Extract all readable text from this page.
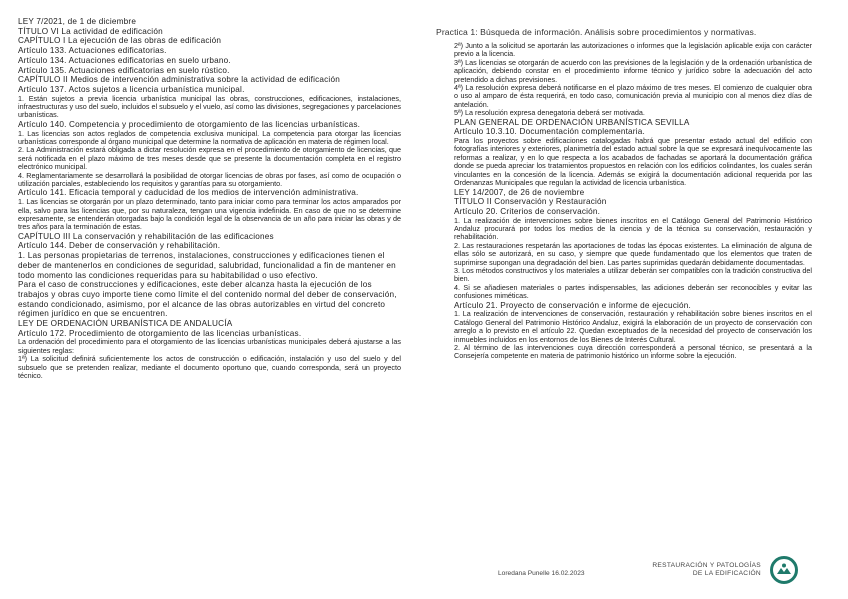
LEY 7/2021, de 1 de diciembre

TÍTULO VI La actividad de edificación

CAPÍTULO I La ejecución de las obras de edificación

Artículo 133. Actuaciones edificatorias.

Artículo 134. Actuaciones edificatorias en suelo urbano.

Artículo 135. Actuaciones edificatorias en suelo rústico.

CAPÍTULO II Medios de intervención administrativa sobre la actividad de edificación

Artículo 137. Actos sujetos a licencia urbanística municipal.

1. Están sujetos a previa licencia urbanística municipal las obras, construcciones, edificaciones, instalaciones, infraestructuras y uso del suelo, incluidos el subsuelo y el vuelo, así como las divisiones, segregaciones y parcelaciones urbanísticas.

Artículo 140. Competencia y procedimiento de otorgamiento de las licencias urbanísticas.

1. Las licencias son actos reglados de competencia exclusiva municipal. La competencia para otorgar las licencias urbanísticas corresponde al órgano municipal que determine la normativa de aplicación en materia de régimen local.

2. La Administración estará obligada a dictar resolución expresa en el procedimiento de otorgamiento de licencias, que será notificada en el plazo máximo de tres meses desde que se presente la documentación completa en el registro electrónico municipal.

4. Reglamentariamente se desarrollará la posibilidad de otorgar licencias de obras por fases, así como de ocupación o utilización parciales, estableciendo los requisitos y garantías para su otorgamiento.

Artículo 141. Eficacia temporal y caducidad de los medios de intervención administrativa.

1. Las licencias se otorgarán por un plazo determinado, tanto para iniciar como para terminar los actos amparados por ella, salvo para las licencias que, por su naturaleza, tengan una vigencia indefinida. En caso de que no se determine expresamente, se entenderán otorgadas bajo la condición legal de la observancia de un año para iniciar las obras y de tres años para la terminación de estas.

CAPÍTULO III La conservación y rehabilitación de las edificaciones

Artículo 144. Deber de conservación y rehabilitación.

1. Las personas propietarias de terrenos, instalaciones, construcciones y edificaciones tienen el deber de mantenerlos en condiciones de seguridad, salubridad, funcionalidad a fin de mantener en todo momento las condiciones requeridas para su habitabilidad o uso efectivo.

Para el caso de construcciones y edificaciones, este deber alcanza hasta la ejecución de los trabajos y obras cuyo importe tiene como límite el del contenido normal del deber de conservación, estando condicionado, asimismo, por el alcance de las obras autorizables en virtud del concreto régimen jurídico en que se encuentren.

LEY DE ORDENACIÓN URBANÍSTICA DE ANDALUCÍA

Artículo 172. Procedimiento de otorgamiento de las licencias urbanísticas.

La ordenación del procedimiento para el otorgamiento de las licencias urbanísticas municipales deberá ajustarse a las siguientes reglas:

1ª) La solicitud definirá suficientemente los actos de construcción o edificación, instalación y uso del suelo y del subsuelo que se pretenden realizar, mediante el documento oportuno que, cuando corresponda, será un proyecto técnico.

Practica 1: Búsqueda de información. Análisis sobre procedimientos y normativas.

2ª) Junto a la solicitud se aportarán las autorizaciones o informes que la legislación aplicable exija con carácter previo a la licencia.

3ª) Las licencias se otorgarán de acuerdo con las previsiones de la legislación y de la ordenación urbanística de aplicación, debiendo constar en el procedimiento informe técnico y jurídico sobre la adecuación del acto pretendido a dichas previsiones.

4ª) La resolución expresa deberá notificarse en el plazo máximo de tres meses. El comienzo de cualquier obra o uso al amparo de ésta requerirá, en todo caso, comunicación previa al municipio con al menos diez días de antelación.

5ª) La resolución expresa denegatoria deberá ser motivada.

PLAN GENERAL DE ORDENACIÓN URBANÍSTICA SEVILLA

Artículo 10.3.10. Documentación complementaria.

Para los proyectos sobre edificaciones catalogadas habrá que presentar estado actual del edificio con fotografías interiores y exteriores, planimetría del estado actual sobre la que se expresará inequívocamente las reformas a realizar, y en lo que respecta a los acabados de fachadas se aportará la documentación gráfica donde se pueda apreciar los tratamientos propuestos en relación con los edificios colindantes, los cuales serán vinculantes en la concesión de la licencia. Además se exigirá la documentación adicional requerida por las Ordenanzas Municipales que regulan la actividad de licencia urbanística.

LEY 14/2007, de 26 de noviembre

TÍTULO II Conservación y Restauración

Artículo 20. Criterios de conservación.

1. La realización de intervenciones sobre bienes inscritos en el Catálogo General del Patrimonio Histórico Andaluz procurará por todos los medios de la ciencia y de la técnica su conservación, restauración y rehabilitación.

2. Las restauraciones respetarán las aportaciones de todas las épocas existentes. La eliminación de alguna de ellas sólo se autorizará, en su caso, y siempre que quede fundamentado que los elementos que traten de suprimirse supongan una degradación del bien. Las partes suprimidas quedarán debidamente documentadas.

3. Los métodos constructivos y los materiales a utilizar deberán ser compatibles con la tradición constructiva del bien.

4. Si se añadiesen materiales o partes indispensables, las adiciones deberán ser reconocibles y evitar las confusiones miméticas.

Artículo 21. Proyecto de conservación e informe de ejecución.

1. La realización de intervenciones de conservación, restauración y rehabilitación sobre bienes inscritos en el Catálogo General del Patrimonio Histórico Andaluz, exigirá la elaboración de un proyecto de conservación con arreglo a lo previsto en el artículo 22. Quedan exceptuados de la necesidad del proyecto de conservación los inmuebles incluidos en los entornos de los Bienes de Interés Cultural.

2. Al término de las intervenciones cuya dirección corresponderá a personal técnico, se presentará a la Consejería competente en materia de patrimonio histórico un informe sobre la ejecución.

Loredana Punelle 16.02.2023
RESTAURACIÓN Y PATOLOGÍAS
DE LA EDIFICACIÓN
